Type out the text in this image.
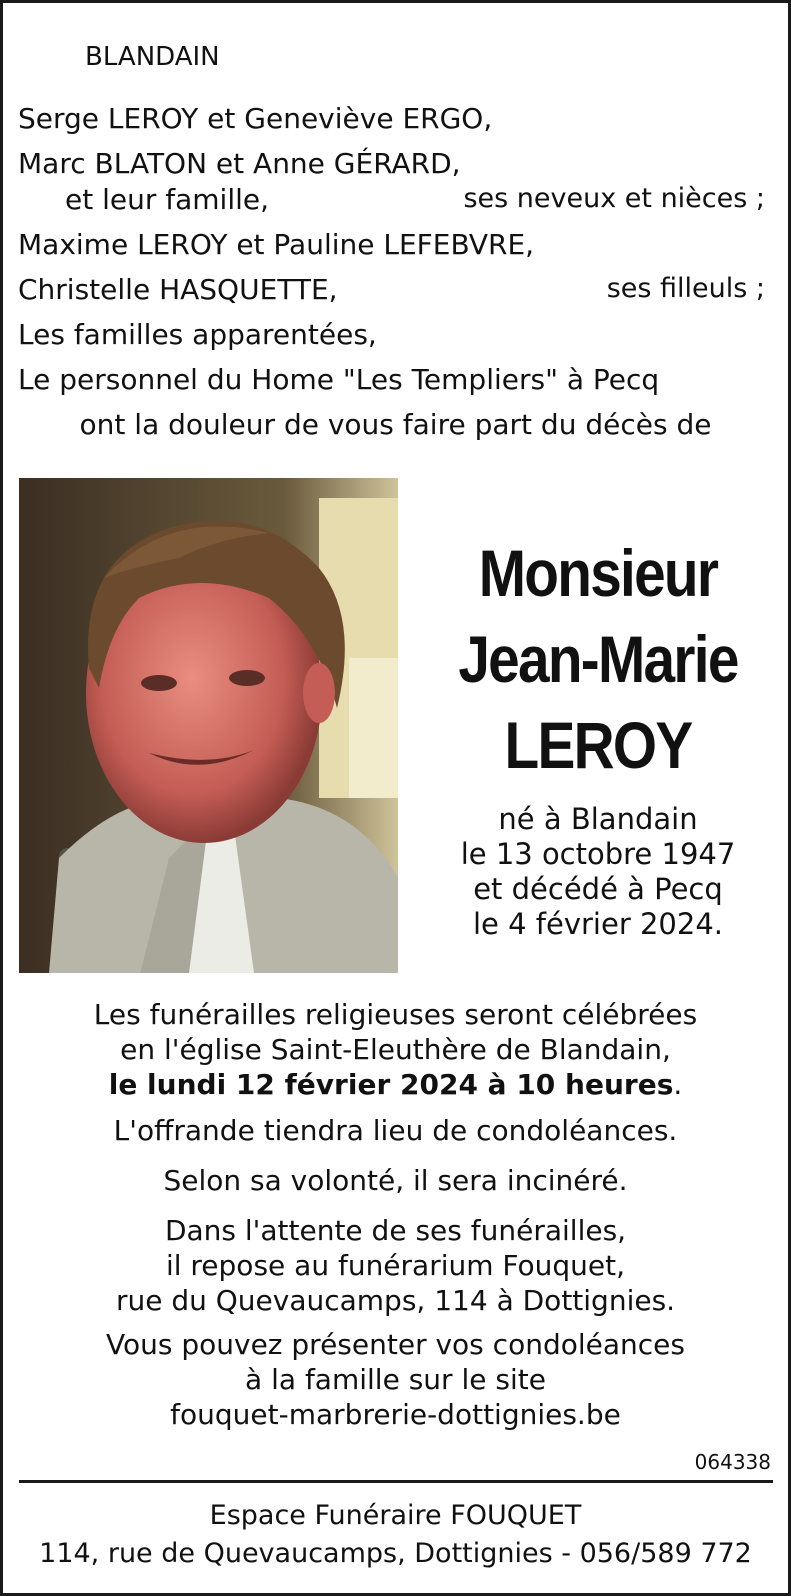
BLANDAIN
Serge LEROY et Geneviève ERGO,
Marc BLATON et Anne GÉRARD,
et leur famille,	ses neveux et nièces ;
Maxime LEROY et Pauline LEFEBVRE,
Christelle HASQUETTE,	ses filleuls ;
Les familles apparentées,
Le personnel du Home "Les Templiers" à Pecq
ont la douleur de vous faire part du décès de
Monsieur
Jean-Marie
LEROY
né à Blandain
le 13 octobre 1947
et décédé à Pecq
le 4 février 2024.
Les funérailles religieuses seront célébrées
en l'église Saint-Eleuthère de Blandain,
le lundi 12 février 2024 à 10 heures.
L'offrande tiendra lieu de condoléances.
Selon sa volonté, il sera incinéré.
Dans l'attente de ses funérailles,
il repose au funérarium Fouquet,
rue du Quevaucamps, 114 à Dottignies.
Vous pouvez présenter vos condoléances
à la famille sur le site
fouquet-marbrerie-dottignies.be
064338
Espace Funéraire FOUQUET
114, rue de Quevaucamps, Dottignies - 056/589 772
